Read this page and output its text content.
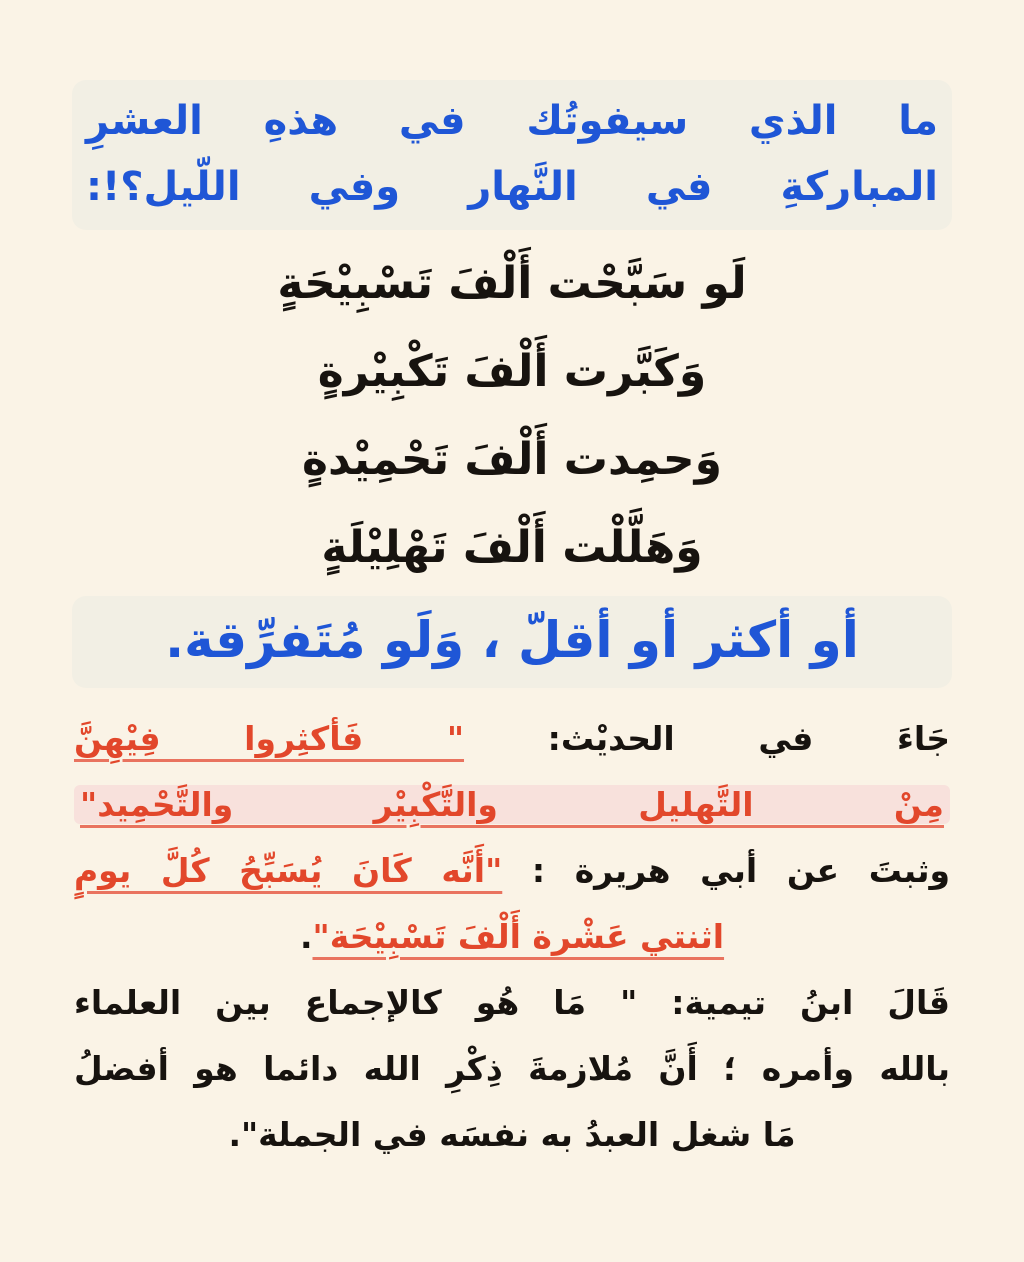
ما الذي سيفوتُك في هذهِ العشرِ
المباركةِ في النَّهار وفي اللّيل؟!:
لَو سَبَّحْت أَلْفَ تَسْبِيْحَةٍ
وَكَبَّرت أَلْفَ تَكْبِيْرةٍ
وَحمِدت أَلْفَ تَحْمِيْدةٍ
وَهَلَّلْت أَلْفَ تَهْلِيْلَةٍ
أو أكثر أو أقلّ ، وَلَو مُتَفرِّقة.
جَاءَ في الحديْث: " فَأكثِروا فِيْهِنَّ
مِنْ التَّهليل والتَّكْبِيْر والتَّحْمِيد"
وثبتَ عن أبي هريرة : "أَنَّه كَانَ يُسَبِّحُ كُلَّ يومٍ
اثنتي عَشْرة أَلْفَ تَسْبِيْحَة".
قَالَ ابنُ تيمية: " مَا هُو كالإجماع بين العلماء
بالله وأمره ؛ أَنَّ مُلازمةَ ذِكْرِ الله دائما هو أفضلُ
مَا شغل العبدُ به نفسَه في الجملة".
